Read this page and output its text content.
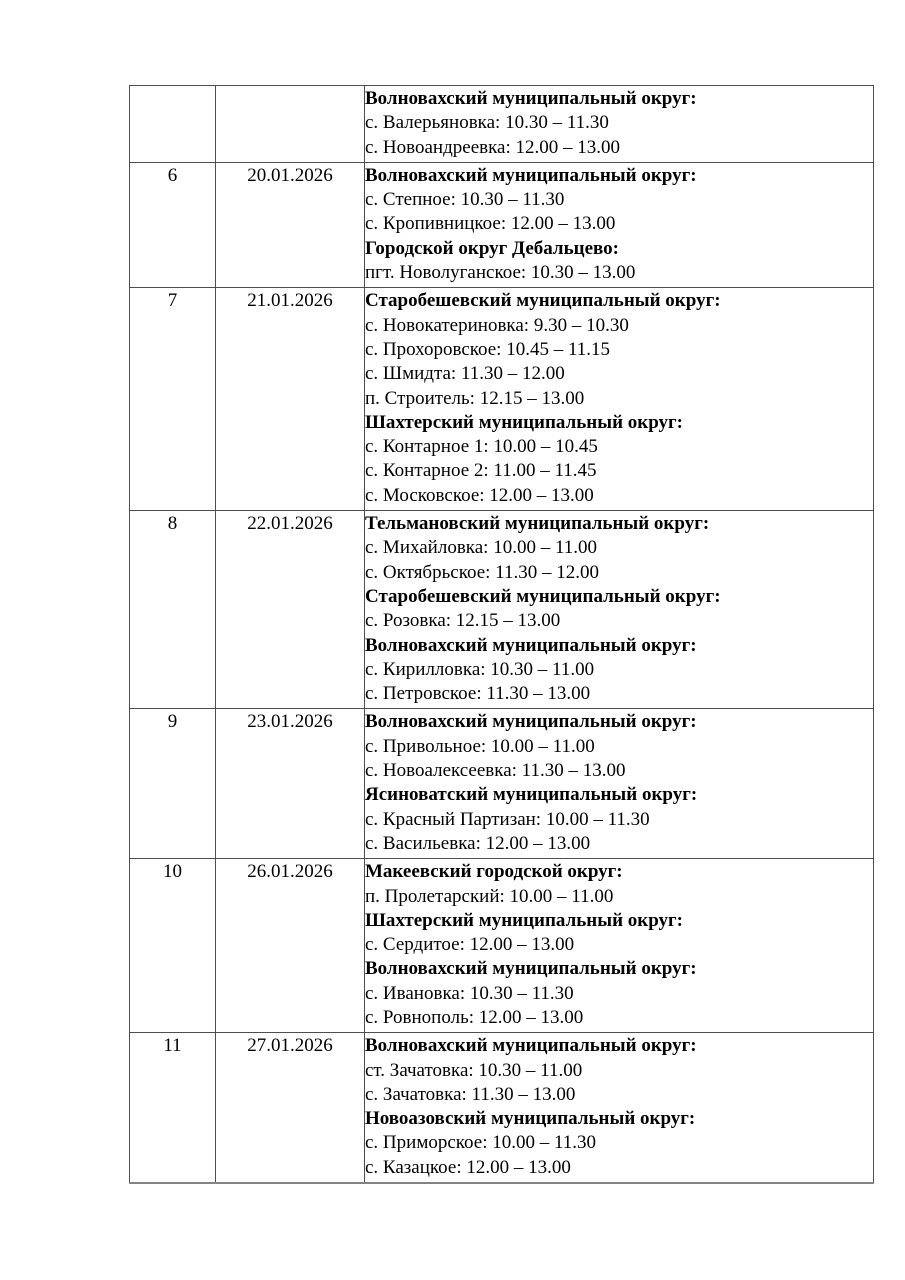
		Волновахский муниципальный округ:
с. Валерьяновка: 10.30 – 11.30
с. Новоандреевка: 12.00 – 13.00

6	20.01.2026	Волновахский муниципальный округ:
с. Степное: 10.30 – 11.30
с. Кропивницкое: 12.00 – 13.00
Городской округ Дебальцево:
пгт. Новолуганское: 10.30 – 13.00

7	21.01.2026	Старобешевский муниципальный округ:
с. Новокатериновка: 9.30 – 10.30
с. Прохоровское: 10.45 – 11.15
с. Шмидта: 11.30 – 12.00
п. Строитель: 12.15 – 13.00
Шахтерский муниципальный округ:
с. Контарное 1: 10.00 – 10.45
с. Контарное 2: 11.00 – 11.45
с. Московское: 12.00 – 13.00

8	22.01.2026	Тельмановский муниципальный округ:
с. Михайловка: 10.00 – 11.00
с. Октябрьское: 11.30 – 12.00
Старобешевский муниципальный округ:
с. Розовка: 12.15 – 13.00
Волновахский муниципальный округ:
с. Кирилловка: 10.30 – 11.00
с. Петровское: 11.30 – 13.00

9	23.01.2026	Волновахский муниципальный округ:
с. Привольное: 10.00 – 11.00
с. Новоалексеевка: 11.30 – 13.00
Ясиноватский муниципальный округ:
с. Красный Партизан: 10.00 – 11.30
с. Васильевка: 12.00 – 13.00

10	26.01.2026	Макеевский городской округ:
п. Пролетарский: 10.00 – 11.00
Шахтерский муниципальный округ:
с. Сердитое: 12.00 – 13.00
Волновахский муниципальный округ:
с. Ивановка: 10.30 – 11.30
с. Ровнополь: 12.00 – 13.00

11	27.01.2026	Волновахский муниципальный округ:
ст. Зачатовка: 10.30 – 11.00
с. Зачатовка: 11.30 – 13.00
Новоазовский муниципальный округ:
с. Приморское: 10.00 – 11.30
с. Казацкое: 12.00 – 13.00
